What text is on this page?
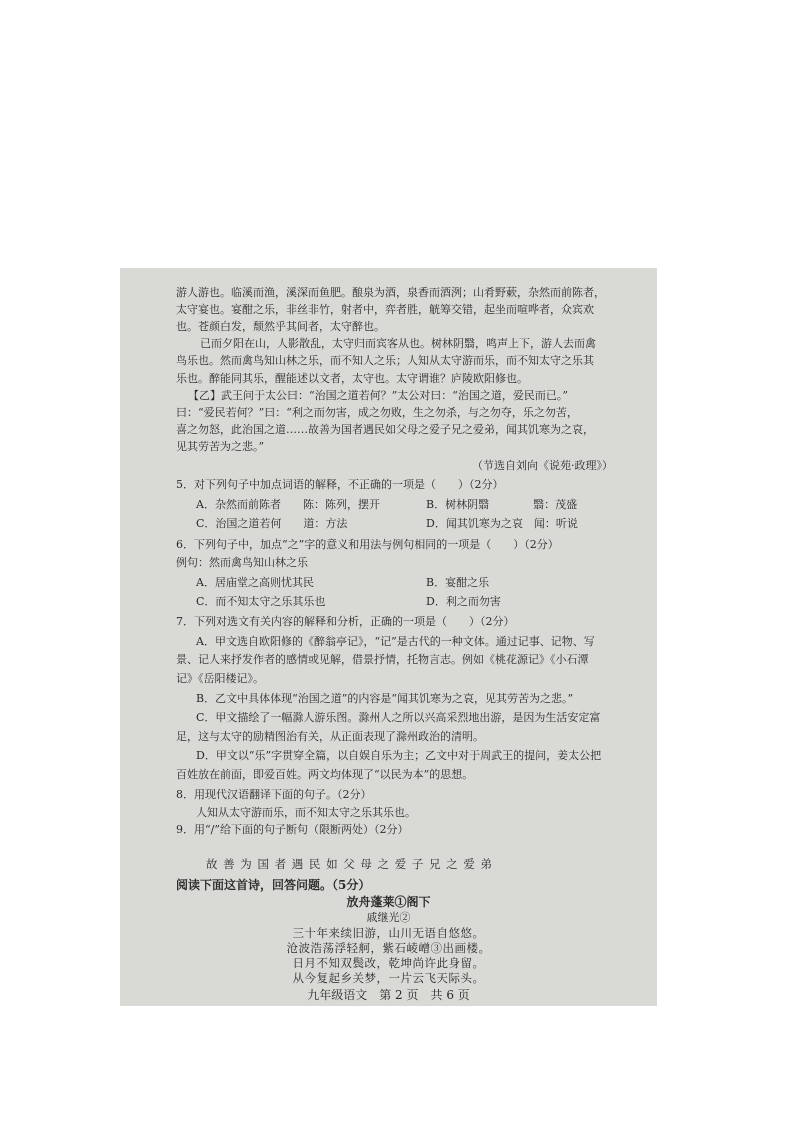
游人游也。临溪而渔，溪深而鱼肥。酿泉为酒，泉香而酒洌；山肴野蔌，杂然而前陈者，
太守宴也。宴酣之乐，非丝非竹，射者中，弈者胜，觥筹交错，起坐而喧哗者，众宾欢
也。苍颜白发，颓然乎其间者，太守醉也。
已而夕阳在山，人影散乱，太守归而宾客从也。树林阴翳，鸣声上下，游人去而禽
鸟乐也。然而禽鸟知山林之乐，而不知人之乐；人知从太守游而乐，而不知太守之乐其
乐也。醉能同其乐，醒能述以文者，太守也。太守谓谁？庐陵欧阳修也。
【乙】武王问于太公曰：“治国之道若何？”太公对曰：“治国之道，爱民而已。”
曰：“爱民若何？”曰：“利之而勿害，成之勿败，生之勿杀，与之勿夺，乐之勿苦，
喜之勿怒，此治国之道……故善为国者遇民如父母之爱子兄之爱弟，闻其饥寒为之哀，
见其劳苦为之悲。”
（节选自刘向《说苑·政理》）
5．对下列句子中加点词语的解释，不正确的一项是（　　）（2分）
A．杂然而前陈者　　陈：陈列，摆开	B．树林阴翳　　　　翳：茂盛
C．治国之道若何　　道：方法	D．闻其饥寒为之哀　闻：听说
6．下列句子中，加点“之”字的意义和用法与例句相同的一项是（　　）（2分）
例句：然而禽鸟知山林之乐
A．居庙堂之高则忧其民	B．宴酣之乐
C．而不知太守之乐其乐也	D．利之而勿害
7．下列对选文有关内容的解释和分析，正确的一项是（　　）（2分）
A．甲文选自欧阳修的《醉翁亭记》，“记”是古代的一种文体。通过记事、记物、写
景、记人来抒发作者的感情或见解，借景抒情，托物言志。例如《桃花源记》《小石潭
记》《岳阳楼记》。
B．乙文中具体体现“治国之道”的内容是“闻其饥寒为之哀，见其劳苦为之悲。”
C．甲文描绘了一幅滁人游乐图。滁州人之所以兴高采烈地出游，是因为生活安定富
足，这与太守的励精图治有关，从正面表现了滁州政治的清明。
D．甲文以“乐”字贯穿全篇，以自娱自乐为主；乙文中对于周武王的提问，姜太公把
百姓放在前面，即爱百姓。两文均体现了“以民为本”的思想。
8．用现代汉语翻译下面的句子。（2分）
人知从太守游而乐，而不知太守之乐其乐也。
9．用“/”给下面的句子断句（限断两处）（2分）
故 善 为 国 者 遇 民 如 父 母 之 爱 子 兄 之 爱 弟
阅读下面这首诗，回答问题。（5分）
放舟蓬莱①阁下
戚继光②
三十年来续旧游，山川无语自悠悠。
沧波浩荡浮轻舸，紫石崚嶒③出画楼。
日月不知双鬓改，乾坤尚许此身留。
从今复起乡关梦，一片云飞天际头。
九年级语文　第 2 页　共 6 页
